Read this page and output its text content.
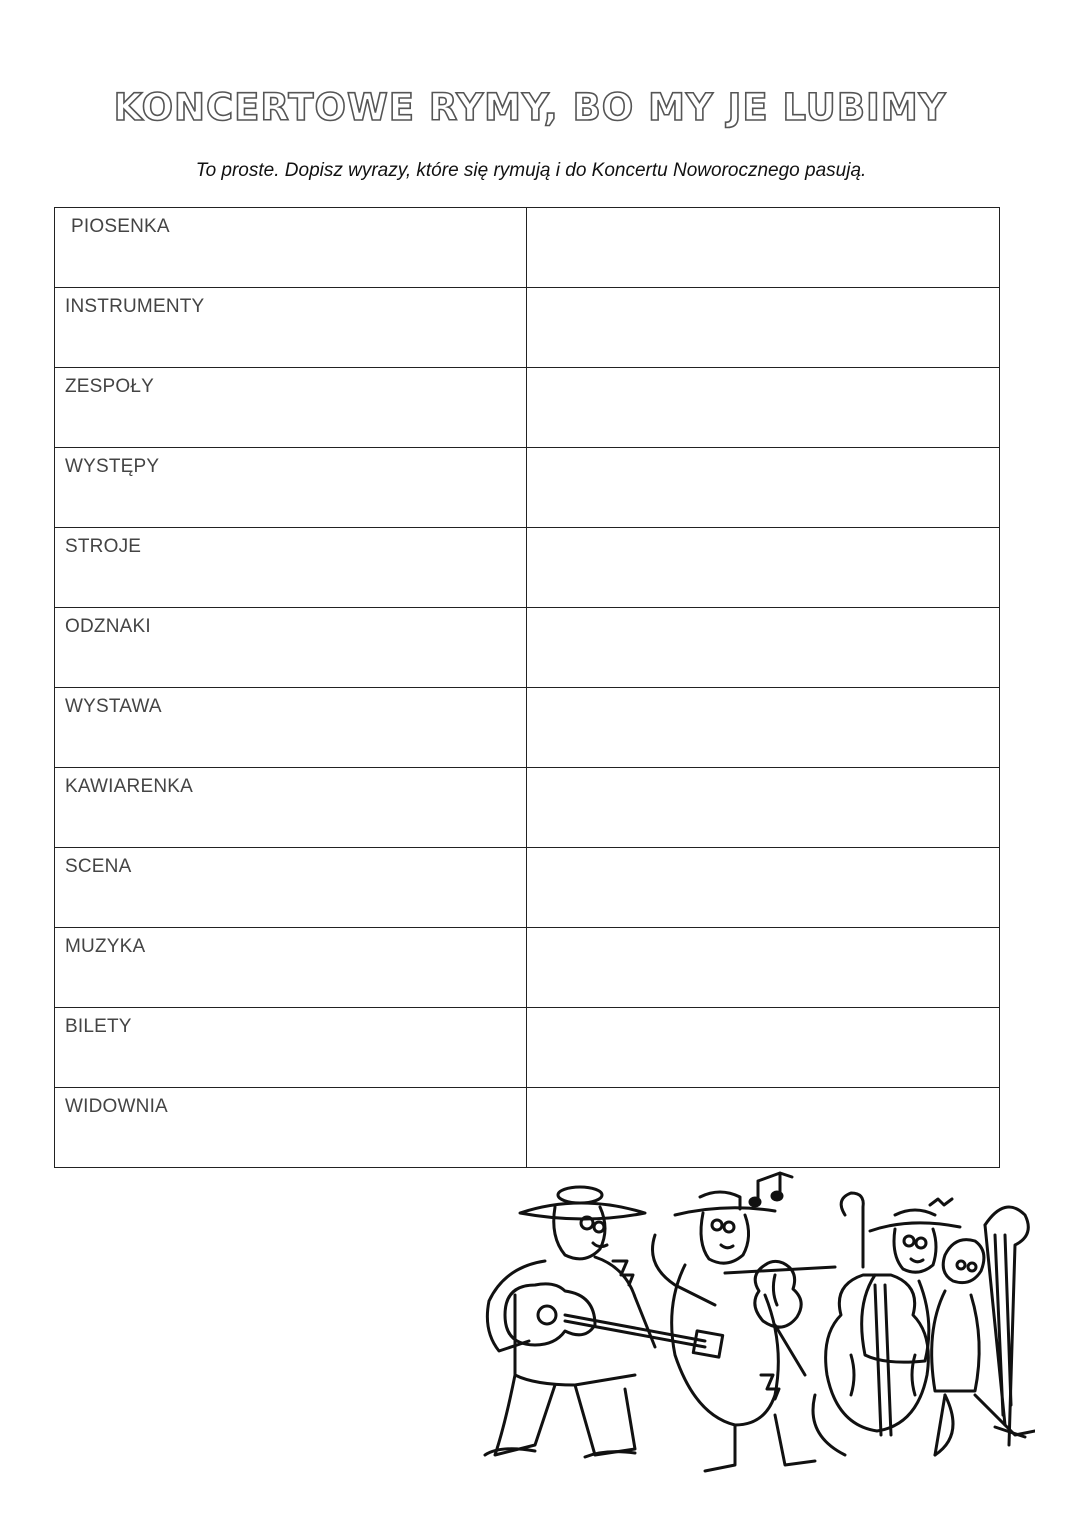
KONCERTOWE RYMY, BO MY JE LUBIMY
To proste. Dopisz wyrazy, które się rymują i do Koncertu Noworocznego pasują.
PIOSENKA	
INSTRUMENTY	
ZESPOŁY	
WYSTĘPY	
STROJE	
ODZNAKI	
WYSTAWA	
KAWIARENKA	
SCENA	
MUZYKA	
BILETY	
WIDOWNIA	
